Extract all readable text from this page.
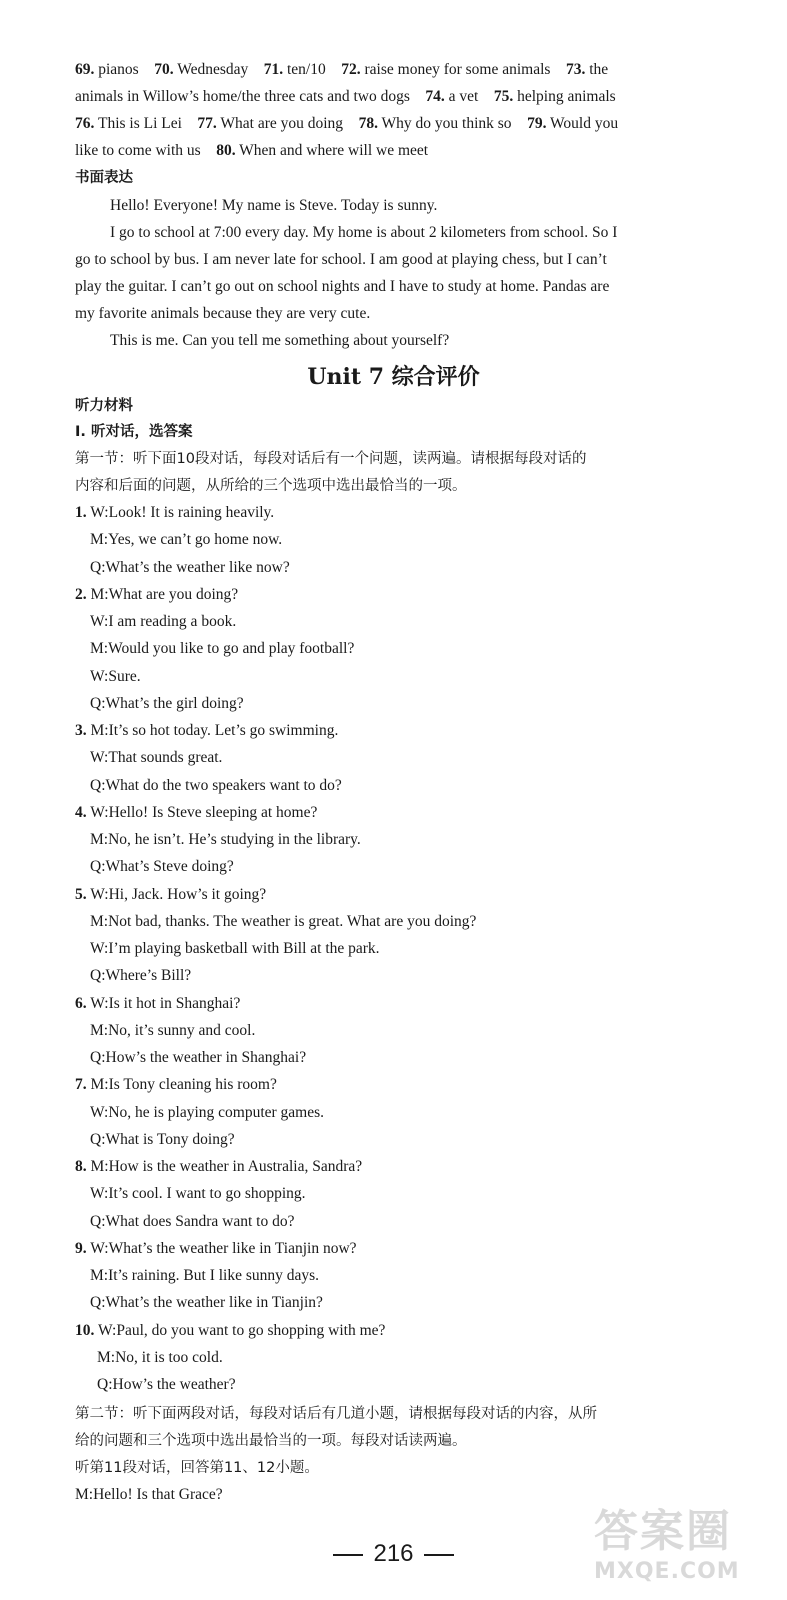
69. pianos 70. Wednesday 71. ten/10 72. raise money for some animals 73. the
animals in Willow’s home/the three cats and two dogs 74. a vet 75. helping animals
76. This is Li Lei 77. What are you doing 78. Why do you think so 79. Would you
like to come with us 80. When and where will we meet
书面表达
Hello! Everyone! My name is Steve. Today is sunny.
I go to school at 7:00 every day. My home is about 2 kilometers from school. So I
go to school by bus. I am never late for school. I am good at playing chess, but I can’t
play the guitar. I can’t go out on school nights and I have to study at home. Pandas are
my favorite animals because they are very cute.
This is me. Can you tell me something about yourself?
Unit 7 综合评价
听力材料
Ⅰ. 听对话，选答案
第一节：听下面10段对话，每段对话后有一个问题，读两遍。请根据每段对话的
内容和后面的问题，从所给的三个选项中选出最恰当的一项。
1. W:Look! It is raining heavily.
M:Yes, we can’t go home now.
Q:What’s the weather like now?
2. M:What are you doing?
W:I am reading a book.
M:Would you like to go and play football?
W:Sure.
Q:What’s the girl doing?
3. M:It’s so hot today. Let’s go swimming.
W:That sounds great.
Q:What do the two speakers want to do?
4. W:Hello! Is Steve sleeping at home?
M:No, he isn’t. He’s studying in the library.
Q:What’s Steve doing?
5. W:Hi, Jack. How’s it going?
M:Not bad, thanks. The weather is great. What are you doing?
W:I’m playing basketball with Bill at the park.
Q:Where’s Bill?
6. W:Is it hot in Shanghai?
M:No, it’s sunny and cool.
Q:How’s the weather in Shanghai?
7. M:Is Tony cleaning his room?
W:No, he is playing computer games.
Q:What is Tony doing?
8. M:How is the weather in Australia, Sandra?
W:It’s cool. I want to go shopping.
Q:What does Sandra want to do?
9. W:What’s the weather like in Tianjin now?
M:It’s raining. But I like sunny days.
Q:What’s the weather like in Tianjin?
10. W:Paul, do you want to go shopping with me?
M:No, it is too cold.
Q:How’s the weather?
第二节：听下面两段对话，每段对话后有几道小题，请根据每段对话的内容，从所
给的问题和三个选项中选出最恰当的一项。每段对话读两遍。
听第11段对话，回答第11、12小题。
M:Hello! Is that Grace?
216	答案圈
MXQE.COM
